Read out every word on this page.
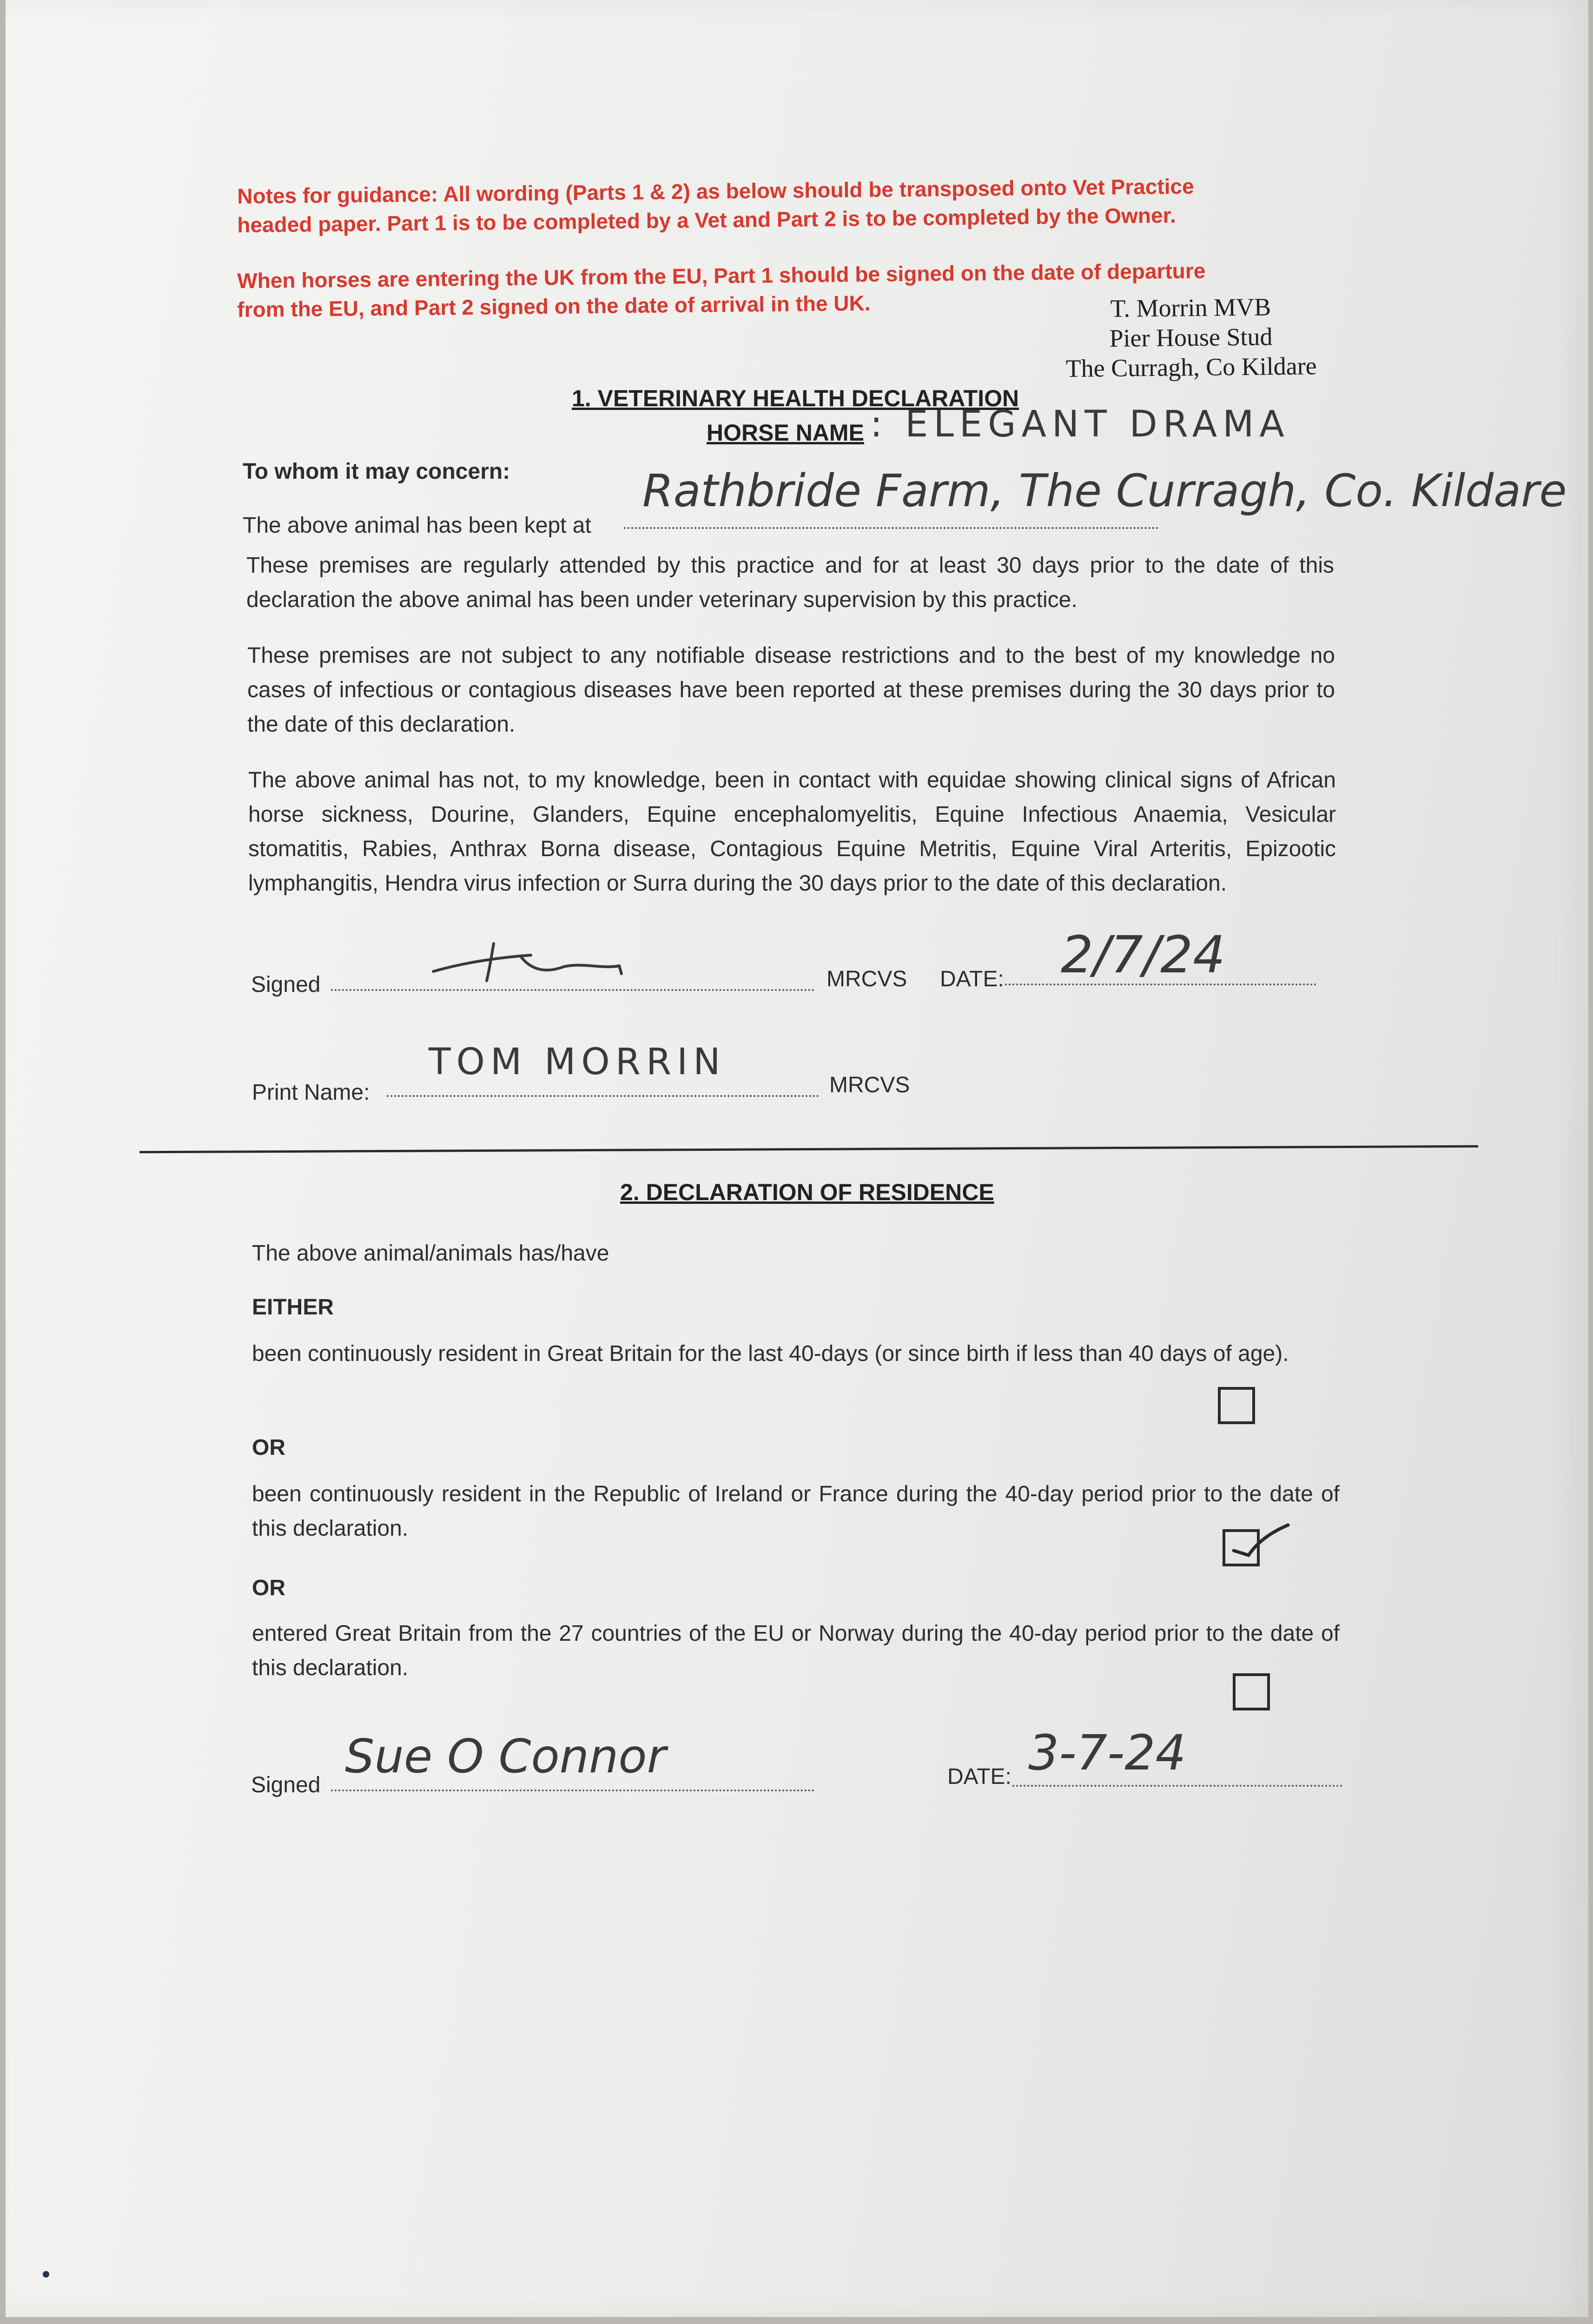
Notes for guidance: All wording (Parts 1 & 2) as below should be transposed onto Vet Practice
headed paper. Part 1 is to be completed by a Vet and Part 2 is to be completed by the Owner.
When horses are entering the UK from the EU, Part 1 should be signed on the date of departure
from the EU, and Part 2 signed on the date of arrival in the UK.	T. Morrin MVB
Pier House Stud
The Curragh, Co Kildare
1. VETERINARY HEALTH DECLARATION
HORSE NAME : ELEGANT DRAMA
To whom it may concern:
The above animal has been kept at
Rathbride Farm, The Curragh, Co. Kildare
These premises are regularly attended by this practice and for at least 30 days prior to the date of this declaration the above animal has been under veterinary supervision by this practice.
These premises are not subject to any notifiable disease restrictions and to the best of my knowledge no cases of infectious or contagious diseases have been reported at these premises during the 30 days prior to the date of this declaration.
The above animal has not, to my knowledge, been in contact with equidae showing clinical signs of African horse sickness, Dourine, Glanders, Equine encephalomyelitis, Equine Infectious Anaemia, Vesicular stomatitis, Rabies, Anthrax Borna disease, Contagious Equine Metritis, Equine Viral Arteritis, Epizootic lymphangitis, Hendra virus infection or Surra during the 30 days prior to the date of this declaration.
Signed	MRCVS DATE: 2/7/24
Print Name:
TOM MORRIN
MRCVS
2. DECLARATION OF RESIDENCE
The above animal/animals has/have
EITHER
been continuously resident in Great Britain for the last 40-days (or since birth if less than 40 days of age).
OR
been continuously resident in the Republic of Ireland or France during the 40-day period prior to the date of this declaration.
OR
entered Great Britain from the 27 countries of the EU or Norway during the 40-day period prior to the date of this declaration.
Signed
Sue O Connor	DATE: 3-7-24
